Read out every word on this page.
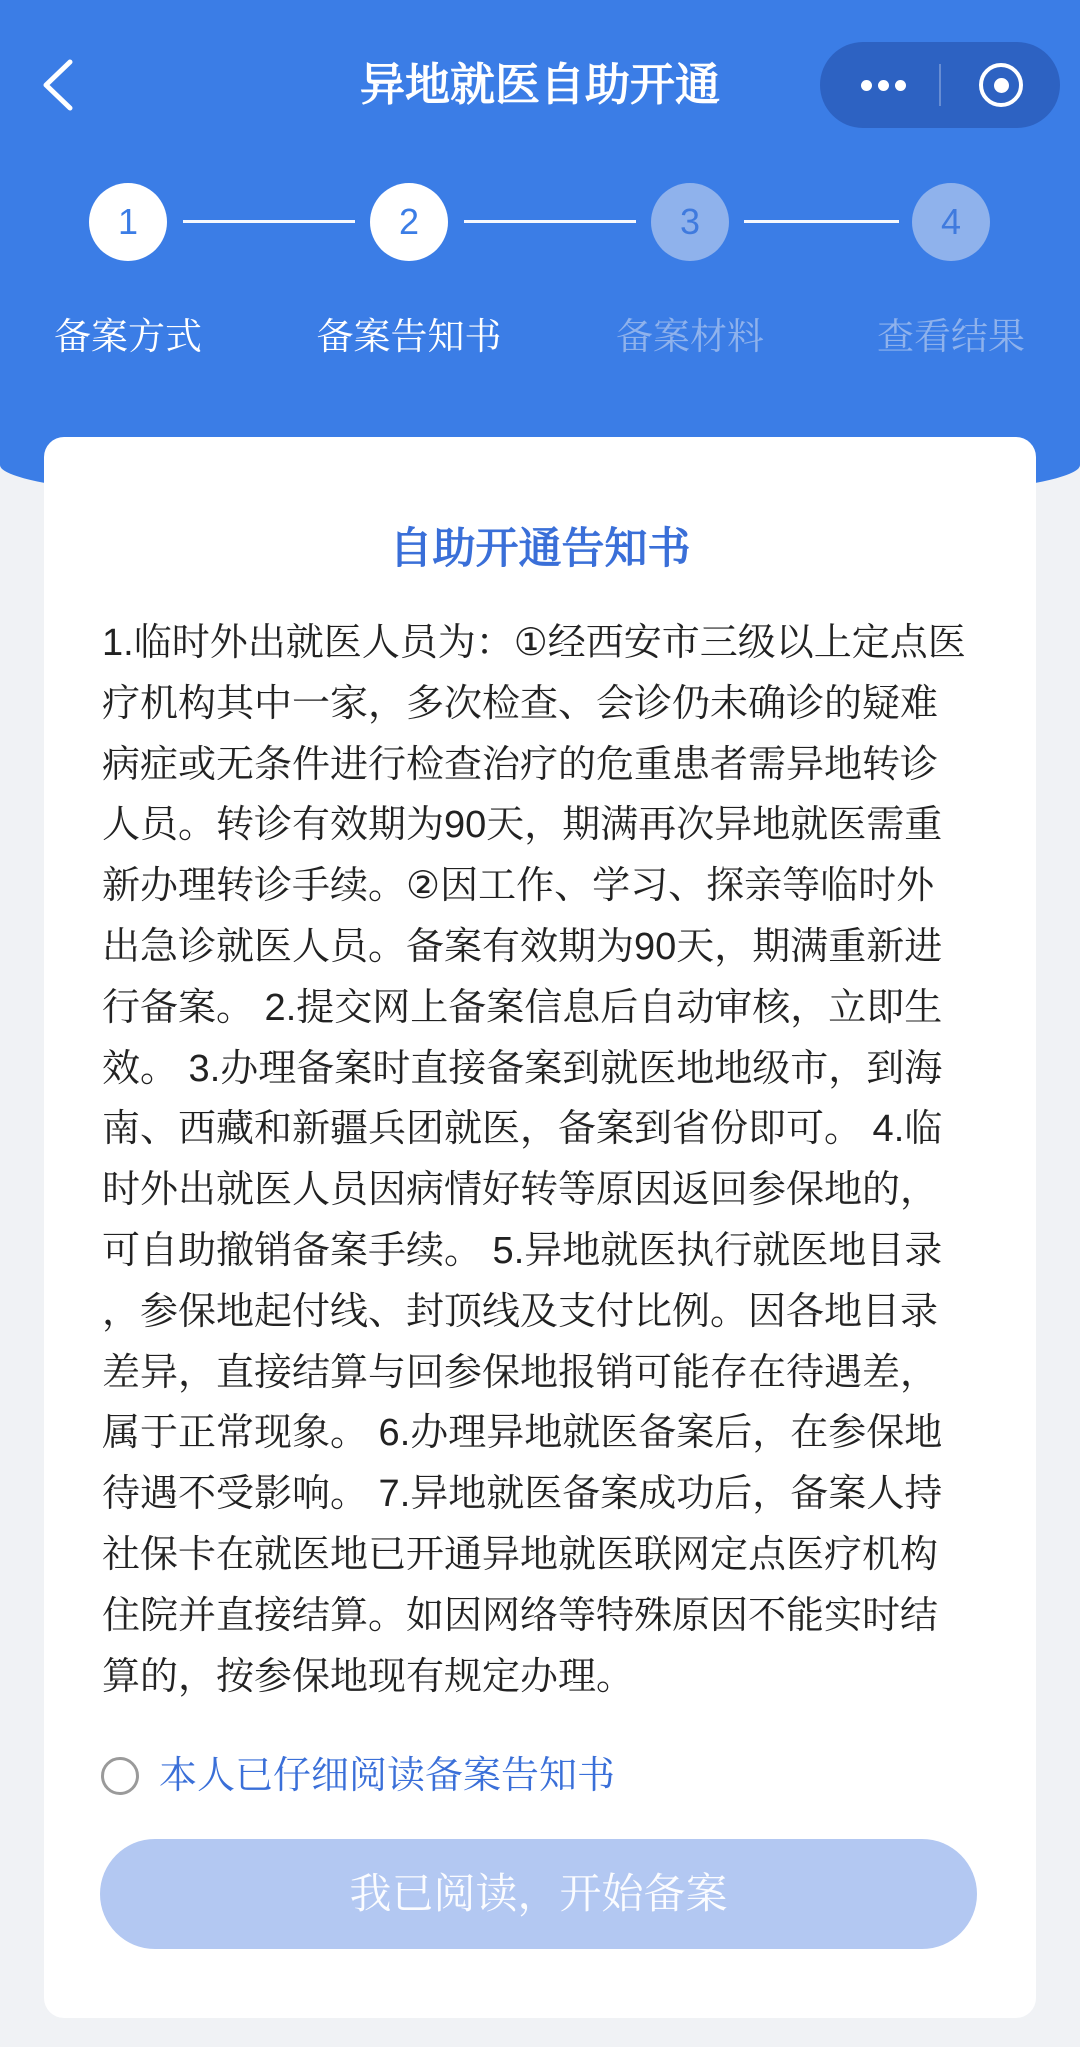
异地就医自助开通
1	2	3	4
备案方式	备案告知书	备案材料	查看结果
自助开通告知书
1.临时外出就医人员为：①经西安市三级以上定点医
疗机构其中一家，多次检查、会诊仍未确诊的疑难
病症或无条件进行检查治疗的危重患者需异地转诊
人员。转诊有效期为90天，期满再次异地就医需重
新办理转诊手续。②因工作、学习、探亲等临时外
出急诊就医人员。备案有效期为90天，期满重新进
行备案。 2.提交网上备案信息后自动审核，立即生
效。 3.办理备案时直接备案到就医地地级市，到海
南、西藏和新疆兵团就医，备案到省份即可。 4.临
时外出就医人员因病情好转等原因返回参保地的，
可自助撤销备案手续。 5.异地就医执行就医地目录
，参保地起付线、封顶线及支付比例。因各地目录
差异，直接结算与回参保地报销可能存在待遇差，
属于正常现象。 6.办理异地就医备案后，在参保地
待遇不受影响。 7.异地就医备案成功后，备案人持
社保卡在就医地已开通异地就医联网定点医疗机构
住院并直接结算。如因网络等特殊原因不能实时结
算的，按参保地现有规定办理。
本人已仔细阅读备案告知书
我已阅读，开始备案
